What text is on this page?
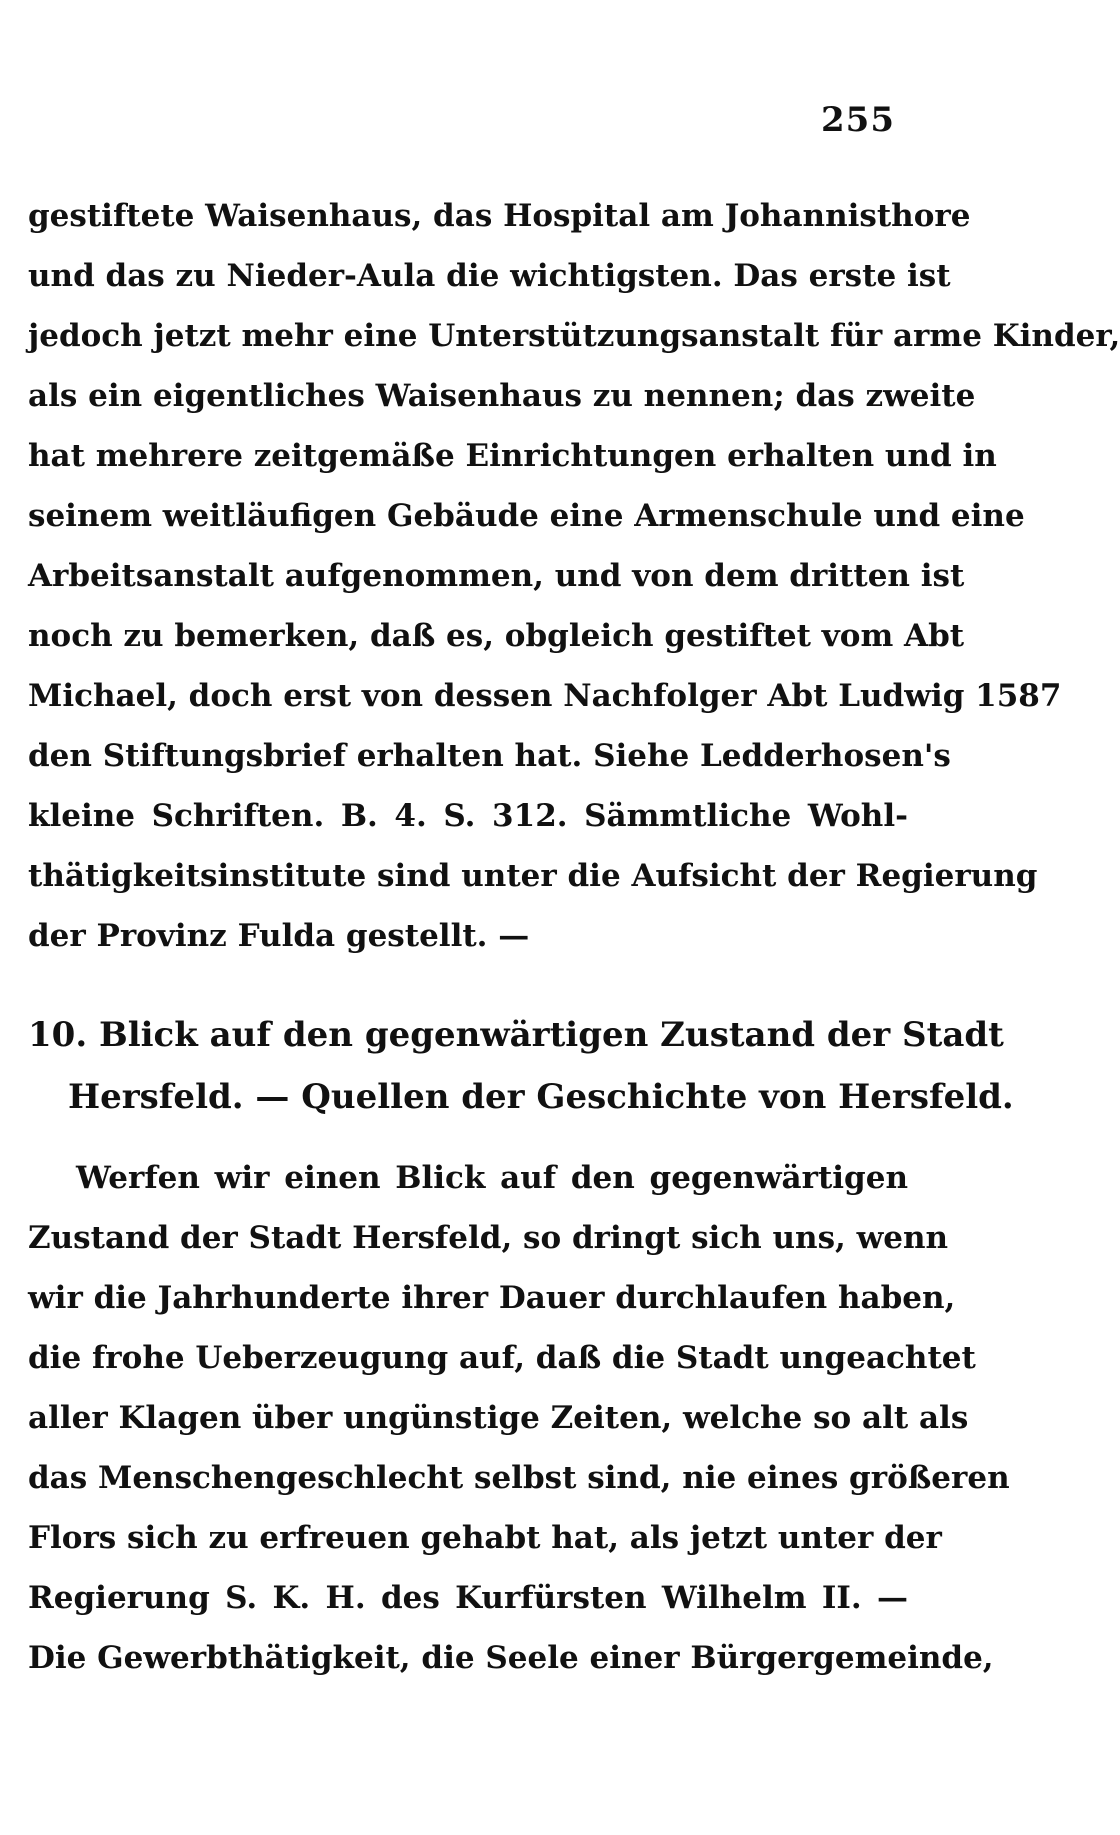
255
gestiftete Waisenhaus, das Hospital am Johannisthore
und das zu Nieder-Aula die wichtigsten. Das erste ist
jedoch jetzt mehr eine Unterstützungsanstalt für arme Kinder,
als ein eigentliches Waisenhaus zu nennen; das zweite
hat mehrere zeitgemäße Einrichtungen erhalten und in
seinem weitläufigen Gebäude eine Armenschule und eine
Arbeitsanstalt aufgenommen, und von dem dritten ist
noch zu bemerken, daß es, obgleich gestiftet vom Abt
Michael, doch erst von dessen Nachfolger Abt Ludwig 1587
den Stiftungsbrief erhalten hat. Siehe Ledderhosen's
kleine Schriften. B. 4. S. 312. Sämmtliche Wohl-
thätigkeitsinstitute sind unter die Aufsicht der Regierung
der Provinz Fulda gestellt. —
10. Blick auf den gegenwärtigen Zustand der Stadt
Hersfeld. — Quellen der Geschichte von Hersfeld.
Werfen wir einen Blick auf den gegenwärtigen
Zustand der Stadt Hersfeld, so dringt sich uns, wenn
wir die Jahrhunderte ihrer Dauer durchlaufen haben,
die frohe Ueberzeugung auf, daß die Stadt ungeachtet
aller Klagen über ungünstige Zeiten, welche so alt als
das Menschengeschlecht selbst sind, nie eines größeren
Flors sich zu erfreuen gehabt hat, als jetzt unter der
Regierung S. K. H. des Kurfürsten Wilhelm II. —
Die Gewerbthätigkeit, die Seele einer Bürgergemeinde,
